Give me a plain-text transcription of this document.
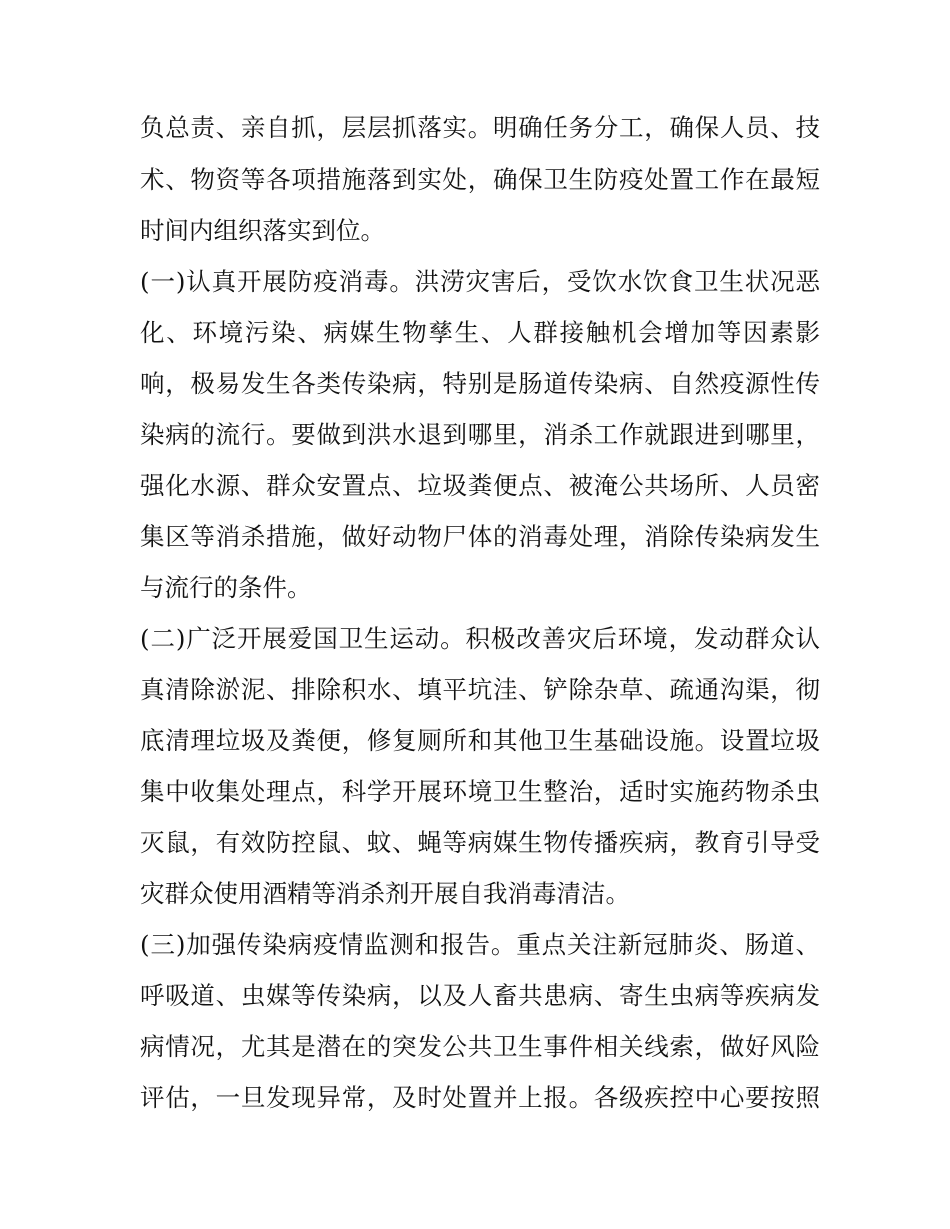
负总责、亲自抓，层层抓落实。明确任务分工，确保人员、技
术、物资等各项措施落到实处，确保卫生防疫处置工作在最短
时间内组织落实到位。
(一)认真开展防疫消毒。洪涝灾害后，受饮水饮食卫生状况恶
化、环境污染、病媒生物孳生、人群接触机会增加等因素影
响，极易发生各类传染病，特别是肠道传染病、自然疫源性传
染病的流行。要做到洪水退到哪里，消杀工作就跟进到哪里，
强化水源、群众安置点、垃圾粪便点、被淹公共场所、人员密
集区等消杀措施，做好动物尸体的消毒处理，消除传染病发生
与流行的条件。
(二)广泛开展爱国卫生运动。积极改善灾后环境，发动群众认
真清除淤泥、排除积水、填平坑洼、铲除杂草、疏通沟渠，彻
底清理垃圾及粪便，修复厕所和其他卫生基础设施。设置垃圾
集中收集处理点，科学开展环境卫生整治，适时实施药物杀虫
灭鼠，有效防控鼠、蚊、蝇等病媒生物传播疾病，教育引导受
灾群众使用酒精等消杀剂开展自我消毒清洁。
(三)加强传染病疫情监测和报告。重点关注新冠肺炎、肠道、
呼吸道、虫媒等传染病，以及人畜共患病、寄生虫病等疾病发
病情况，尤其是潜在的突发公共卫生事件相关线索，做好风险
评估，一旦发现异常，及时处置并上报。各级疾控中心要按照
